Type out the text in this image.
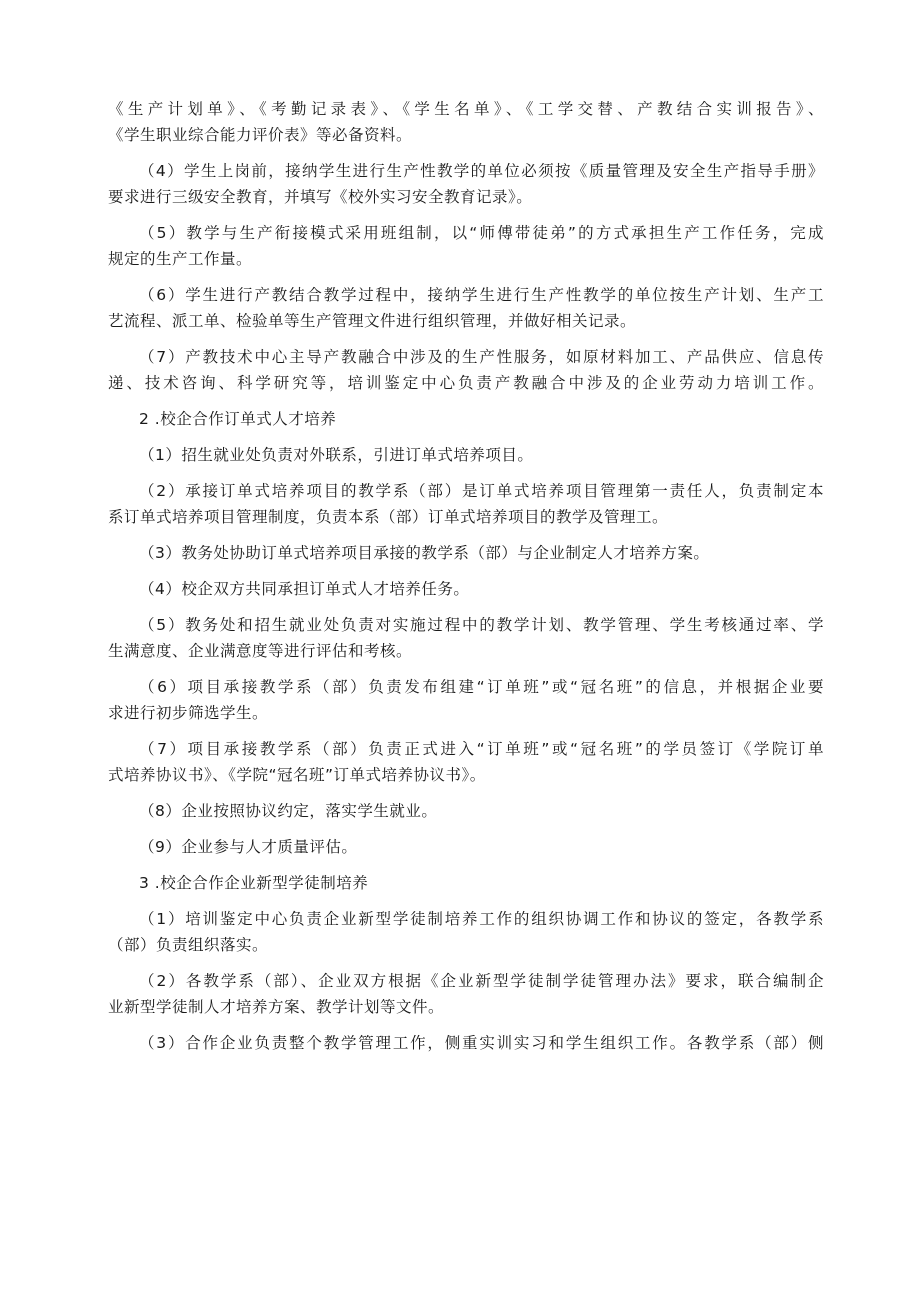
《生产计划单》、《考勤记录表》、《学生名单》、《工学交替、产教结合实训报告》、

《学生职业综合能力评价表》等必备资料。

（4）学生上岗前，接纳学生进行生产性教学的单位必须按《质量管理及安全生产指导手册》

要求进行三级安全教育，并填写《校外实习安全教育记录》。

（5）教学与生产衔接模式采用班组制，以“师傅带徒弟”的方式承担生产工作任务，完成

规定的生产工作量。

（6）学生进行产教结合教学过程中，接纳学生进行生产性教学的单位按生产计划、生产工

艺流程、派工单、检验单等生产管理文件进行组织管理，并做好相关记录。

（7）产教技术中心主导产教融合中涉及的生产性服务，如原材料加工、产品供应、信息传

递、技术咨询、科学研究等，培训鉴定中心负责产教融合中涉及的企业劳动力培训工作。

2 .校企合作订单式人才培养

（1）招生就业处负责对外联系，引进订单式培养项目。

（2）承接订单式培养项目的教学系（部）是订单式培养项目管理第一责任人，负责制定本

系订单式培养项目管理制度，负责本系（部）订单式培养项目的教学及管理工。

（3）教务处协助订单式培养项目承接的教学系（部）与企业制定人才培养方案。

（4）校企双方共同承担订单式人才培养任务。

（5）教务处和招生就业处负责对实施过程中的教学计划、教学管理、学生考核通过率、学

生满意度、企业满意度等进行评估和考核。

（6）项目承接教学系（部）负责发布组建“订单班”或“冠名班”的信息，并根据企业要

求进行初步筛选学生。

（7）项目承接教学系（部）负责正式进入“订单班”或“冠名班”的学员签订《学院订单

式培养协议书》、《学院“冠名班”订单式培养协议书》。

（8）企业按照协议约定，落实学生就业。

（9）企业参与人才质量评估。

3 .校企合作企业新型学徒制培养

（1）培训鉴定中心负责企业新型学徒制培养工作的组织协调工作和协议的签定，各教学系

（部）负责组织落实。

（2）各教学系（部）、企业双方根据《企业新型学徒制学徒管理办法》要求，联合编制企

业新型学徒制人才培养方案、教学计划等文件。

（3）合作企业负责整个教学管理工作，侧重实训实习和学生组织工作。各教学系（部）侧
